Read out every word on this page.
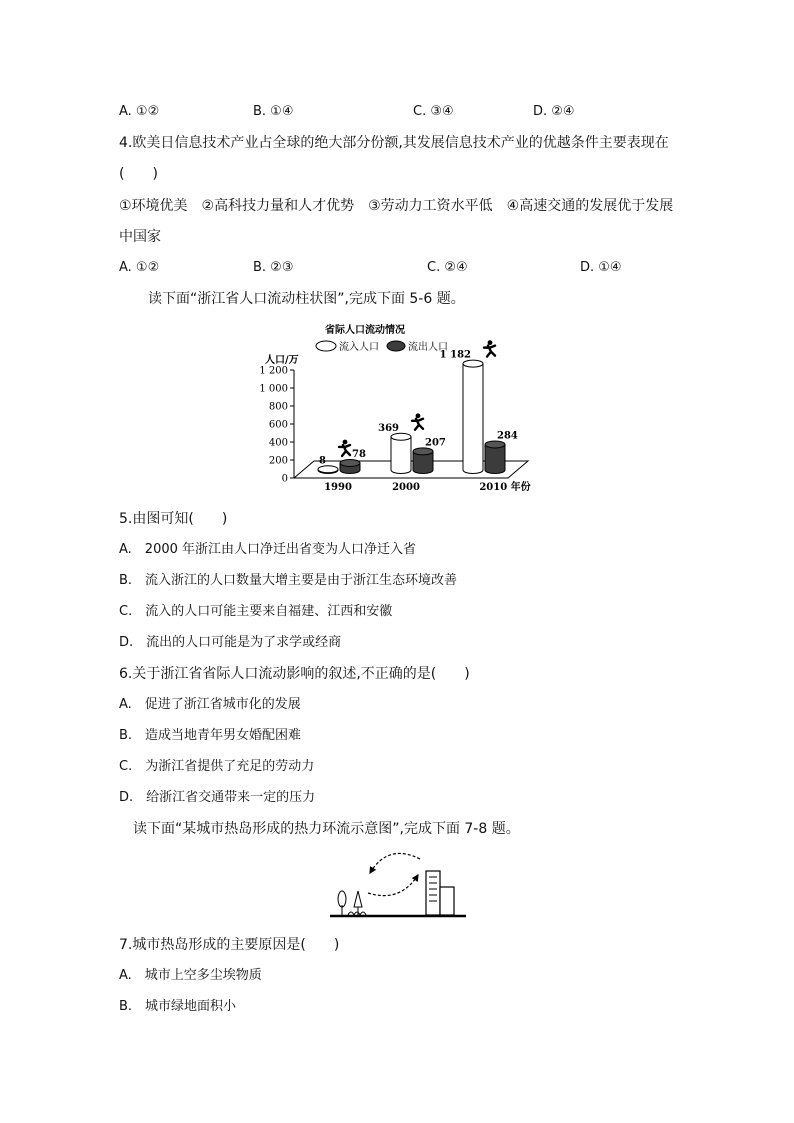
A. ①②	B. ①④	C. ③④	D. ②④
4.欧美日信息技术产业占全球的绝大部分份额,其发展信息技术产业的优越条件主要表现在
(　　)
①环境优美　②高科技力量和人才优势　③劳动力工资水平低　④高速交通的发展优于发展
中国家
A. ①②	B. ②③	C. ②④	D. ①④
读下面“浙江省人口流动柱状图”,完成下面 5-6 题。
省际人口流动情况
流入人口	流出人口
人口/万
0
200
400
600
800
1 000
1 200
8
78
369
207
1 182
284
1990	2000	2010 年份
5.由图可知(　　)
A.　2000 年浙江由人口净迁出省变为人口净迁入省
B.　流入浙江的人口数量大增主要是由于浙江生态环境改善
C.　流入的人口可能主要来自福建、江西和安徽
D.　流出的人口可能是为了求学或经商
6.关于浙江省省际人口流动影响的叙述,不正确的是(　　)
A.　促进了浙江省城市化的发展
B.　造成当地青年男女婚配困难
C.　为浙江省提供了充足的劳动力
D.　给浙江省交通带来一定的压力
读下面“某城市热岛形成的热力环流示意图”,完成下面 7-8 题。
7.城市热岛形成的主要原因是(　　)
A.　城市上空多尘埃物质
B.　城市绿地面积小
